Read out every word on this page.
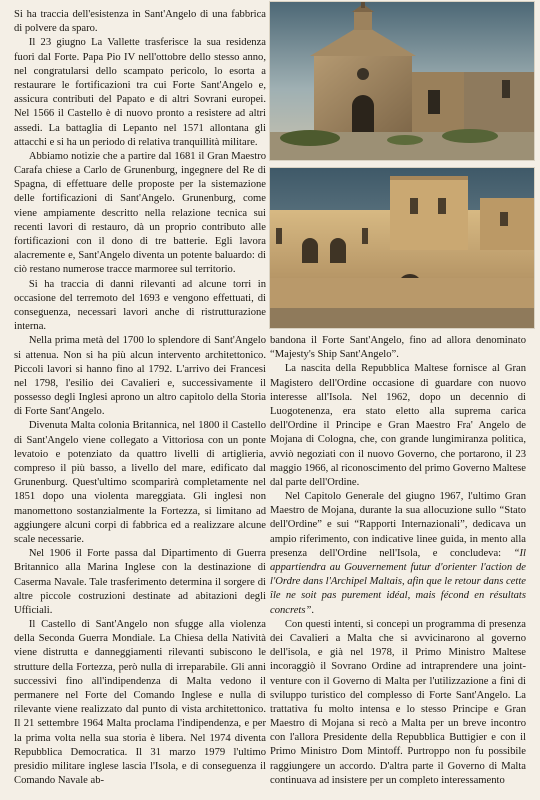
Si ha traccia dell'esistenza in Sant'Angelo di una fabbrica di polvere da sparo.

Il 23 giugno La Vallette trasferisce la sua residenza fuori dal Forte. Papa Pio IV nell'ottobre dello stesso anno, nel congratularsi dello scampato pericolo, lo esorta a restaurare le fortificazioni tra cui Forte Sant'Angelo e, assicura contributi del Papato e di altri Sovrani europei. Nel 1566 il Castello è di nuovo pronto a resistere ad altri assedi. La battaglia di Lepanto nel 1571 allontana gli attacchi e si ha un periodo di relativa tranquillità militare.

Abbiamo notizie che a partire dal 1681 il Gran Maestro Carafa chiese a Carlo de Grunenburg, ingegnere del Re di Spagna, di effettuare delle proposte per la sistemazione delle fortificazioni di Sant'Angelo. Grunenburg, come viene ampiamente descritto nella relazione tecnica sui recenti lavori di restauro, dà un proprio contributo alle fortificazioni con il dono di tre batterie. Egli lavora alacremente e, Sant'Angelo diventa un potente baluardo: di ciò restano numerose tracce marmoree sul territorio.

Si ha traccia di danni rilevanti ad alcune torri in occasione del terremoto del 1693 e vengono effettuati, di conseguenza, necessari lavori anche di ristrutturazione interna.

Nella prima metà del 1700 lo splendore di Sant'Angelo si attenua. Non si ha più alcun intervento architettonico. Piccoli lavori si hanno fino al 1792. L'arrivo dei Francesi nel 1798, l'esilio dei Cavalieri e, successivamente il possesso degli Inglesi aprono un altro capitolo della Storia di Forte Sant'Angelo.

Divenuta Malta colonia Britannica, nel 1800 il Castello di Sant'Angelo viene collegato a Vittoriosa con un ponte levatoio e potenziato da quattro livelli di artiglieria, compreso il più basso, a livello del mare, edificato dal Grunenburg. Quest'ultimo scomparirà completamente nel 1851 dopo una violenta mareggiata. Gli inglesi non manomettono sostanzialmente la Fortezza, si limitano ad aggiungere alcuni corpi di fabbrica ed a realizzare alcune scale necessarie.

Nel 1906 il Forte passa dal Dipartimento di Guerra Britannico alla Marina Inglese con la destinazione di Caserma Navale. Tale trasferimento determina il sorgere di altre piccole costruzioni destinate ad abitazioni degli Ufficiali.

Il Castello di Sant'Angelo non sfugge alla violenza della Seconda Guerra Mondiale. La Chiesa della Natività viene distrutta e danneggiamenti rilevanti subiscono le strutture della Fortezza, però nulla di irreparabile. Gli anni successivi fino all'indipendenza di Malta vedono il permanere nel Forte del Comando Inglese e nulla di rilevante viene realizzato dal punto di vista architettonico. Il 21 settembre 1964 Malta proclama l'indipendenza, e per la prima volta nella sua storia è libera. Nel 1974 diventa Repubblica Democratica. Il 31 marzo 1979 l'ultimo presidio militare inglese lascia l'Isola, e di conseguenza il Comando Navale ab-

bandona il Forte Sant'Angelo, fino ad allora denominato “Majesty's Ship Sant'Angelo”.

La nascita della Repubblica Maltese fornisce al Gran Magistero dell'Ordine occasione di guardare con nuovo interesse all'Isola. Nel 1962, dopo un decennio di Luogotenenza, era stato eletto alla suprema carica dell'Ordine il Principe e Gran Maestro Fra' Angelo de Mojana di Cologna, che, con grande lungimiranza politica, avviò negoziati con il nuovo Governo, che portarono, il 23 maggio 1966, al riconoscimento del primo Governo Maltese dal parte dell'Ordine.

Nel Capitolo Generale del giugno 1967, l'ultimo Gran Maestro de Mojana, durante la sua allocuzione sullo “Stato dell'Ordine” e sui “Rapporti Internazionali”, dedicava un ampio riferimento, con indicative linee guida, in mento alla presenza dell'Ordine nell'Isola, e concludeva: “Il appartiendra au Gouvernement futur d'orienter l'action de l'Ordre dans l'Archipel Maltais, afin que le retour dans cette île ne soit pas purement idéal, mais fécond en résultats concrets”.

Con questi intenti, si concepì un programma di presenza dei Cavalieri a Malta che si avvicinarono al governo dell'isola, e già nel 1978, il Primo Ministro Maltese incoraggiò il Sovrano Ordine ad intraprendere una joint-venture con il Governo di Malta per l'utilizzazione a fini di sviluppo turistico del complesso di Forte Sant'Angelo. La trattativa fu molto intensa e lo stesso Principe e Gran Maestro di Mojana si recò a Malta per un breve incontro con l'allora Presidente della Repubblica Buttigier e con il Primo Ministro Dom Mintoff. Purtroppo non fu possibile raggiungere un accordo. D'altra parte il Governo di Malta continuava ad insistere per un completo interessamento
